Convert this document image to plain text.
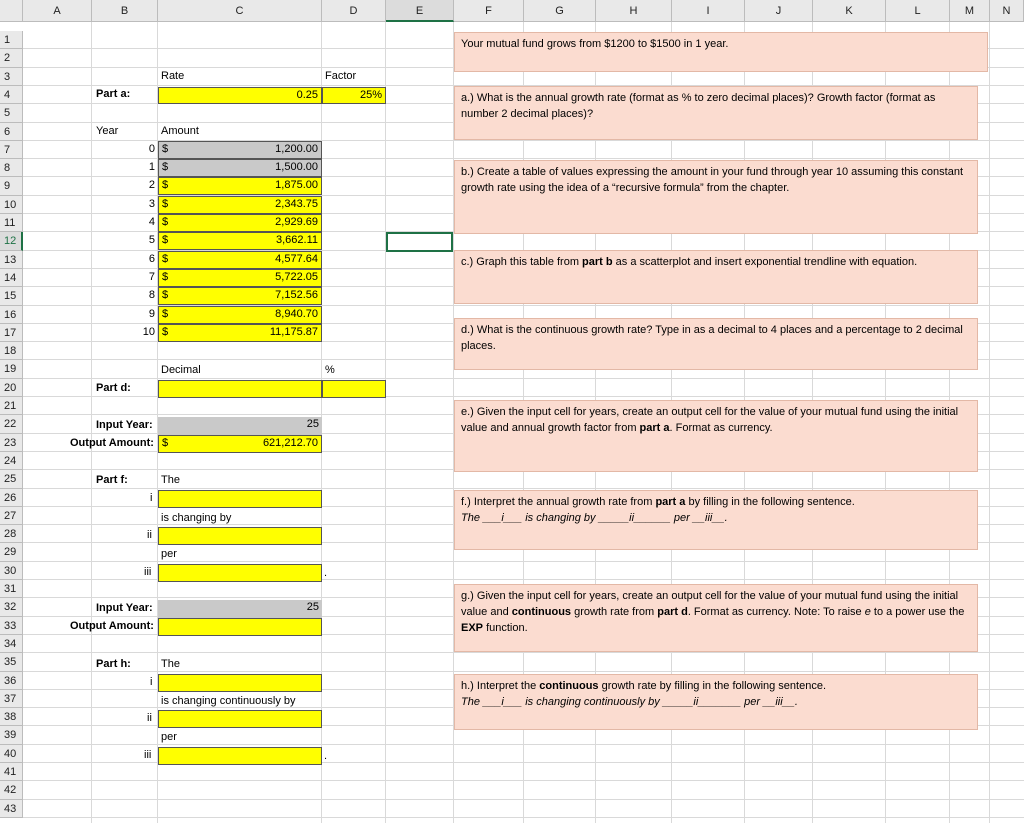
A	B	C	D	E	F	G	H	I	J	K	L	M	N
1
2
3
4
5
6
7
8
9
10
11
12
13
14
15
16
17
18
19
20
21
22
23
24
25
26
27
28
29
30
31
32
33
34
35
36
37
38
39
40
41
42
43
Rate	Factor
Part a:	0.25	25%
Year	Amount
0 $	1,200.00
1 $	1,500.00
2 $	1,875.00
3 $	2,343.75
4 $	2,929.69
5 $	3,662.11
6 $	4,577.64
7 $	5,722.05
8 $	7,152.56
9 $	8,940.70
10 $	11,175.87
Decimal	%
Part d:
Input Year:	25
Output Amount: $	621,212.70
Part f:	The
i
is changing by
ii
per
iii	.
Input Year:	25
Output Amount:
Part h:	The
i
is changing continuously by
ii
per
iii	.
Your mutual fund grows from $1200 to $1500 in 1 year.
a.) What is the annual growth rate (format as % to zero decimal places)? Growth factor (format as number 2 decimal places)?
b.) Create a table of values expressing the amount in your fund through year 10 assuming this constant growth rate using the idea of a “recursive formula” from the chapter.
c.) Graph this table from part b as a scatterplot and insert exponential trendline with equation.
d.) What is the continuous growth rate? Type in as a decimal to 4 places and a percentage to 2 decimal places.
e.) Given the input cell for years, create an output cell for the value of your mutual fund using the initial value and annual growth factor from part a. Format as currency.
f.) Interpret the annual growth rate from part a by filling in the following sentence.
The ___i___ is changing by _____ii______ per __iii__.
g.) Given the input cell for years, create an output cell for the value of your mutual fund using the initial value and continuous growth rate from part d. Format as currency. Note: To raise e to a power use the EXP function.
h.) Interpret the continuous growth rate by filling in the following sentence.
The ___i___ is changing continuously by _____ii_______ per __iii__.
